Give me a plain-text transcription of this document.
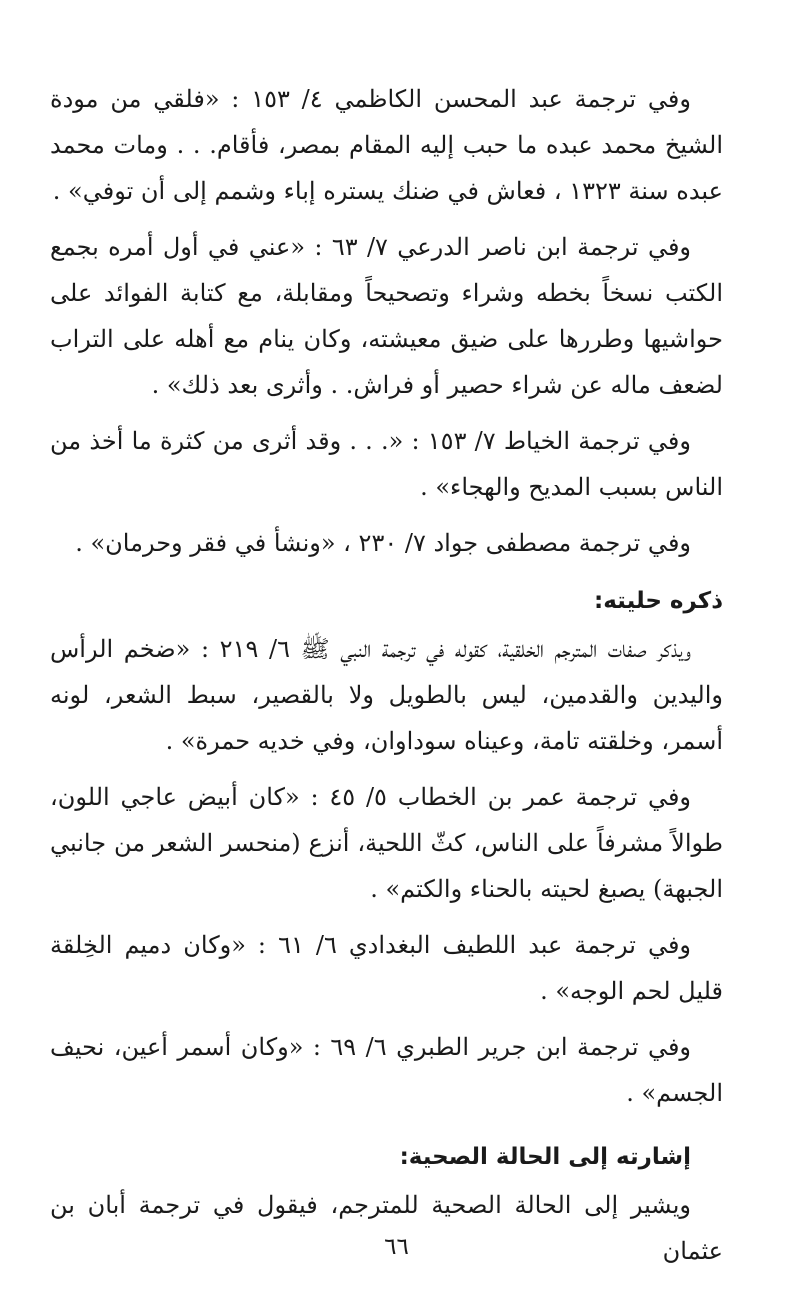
وفي ترجمة عبد المحسن الكاظمي ٤/ ١٥٣ : «فلقي من مودة الشيخ محمد عبده ما حبب إليه المقام بمصر، فأقام. . . ومات محمد عبده سنة ١٣٢٣ ، فعاش في ضنك يستره إباء وشمم إلى أن توفي» .

وفي ترجمة ابن ناصر الدرعي ٧/ ٦٣ : «عني في أول أمره بجمع الكتب نسخاً بخطه وشراء وتصحيحاً ومقابلة، مع كتابة الفوائد على حواشيها وطررها على ضيق معيشته، وكان ينام مع أهله على التراب لضعف ماله عن شراء حصير أو فراش. . وأثرى بعد ذلك» .

وفي ترجمة الخياط ٧/ ١٥٣ : «. . . وقد أثرى من كثرة ما أخذ من الناس بسبب المديح والهجاء» .

وفي ترجمة مصطفى جواد ٧/ ٢٣٠ ، «ونشأ في فقر وحرمان» .

ذكره حليته:

ويذكر صفات المترجم الخلقية، كقوله في ترجمة النبي ﷺ ٦/ ٢١٩ : «ضخم الرأس واليدين والقدمين، ليس بالطويل ولا بالقصير، سبط الشعر، لونه أسمر، وخلقته تامة، وعيناه سوداوان، وفي خديه حمرة» .

وفي ترجمة عمر بن الخطاب ٥/ ٤٥ : «كان أبيض عاجي اللون، طوالاً مشرفاً على الناس، كثّ اللحية، أنزع (منحسر الشعر من جانبي الجبهة) يصبغ لحيته بالحناء والكتم» .

وفي ترجمة عبد اللطيف البغدادي ٦/ ٦١ : «وكان دميم الخِلقة قليل لحم الوجه» .

وفي ترجمة ابن جرير الطبري ٦/ ٦٩ : «وكان أسمر أعين، نحيف الجسم» .

إشارته إلى الحالة الصحية:

ويشير إلى الحالة الصحية للمترجم، فيقول في ترجمة أبان بن عثمان

٦٦
